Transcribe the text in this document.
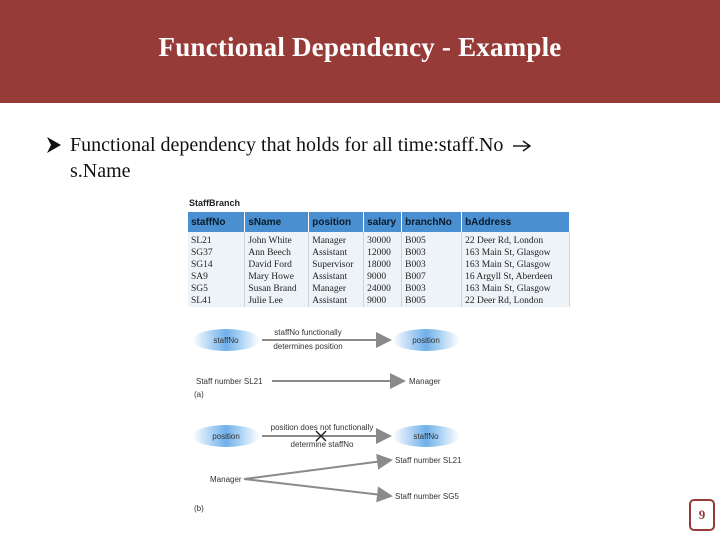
Functional Dependency - Example
Functional dependency that holds for all time:staff.No
s.Name
StaffBranch
staffNo	sName	position	salary	branchNo	bAddress
SL21	John White	Manager	30000	B005	22 Deer Rd, London
SG37	Ann Beech	Assistant	12000	B003	163 Main St, Glasgow
SG14	David Ford	Supervisor	18000	B003	163 Main St, Glasgow
SA9	Mary Howe	Assistant	9000	B007	16 Argyll St, Aberdeen
SG5	Susan Brand	Manager	24000	B003	163 Main St, Glasgow
SL41	Julie Lee	Assistant	9000	B005	22 Deer Rd, London
staffNo	position
staffNo functionally
determines position
Staff number SL21	Manager
(a)
position	staffNo
position does not functionally
determine staffNo
Manager
Staff number SL21
Staff number SG5
(b)	9
